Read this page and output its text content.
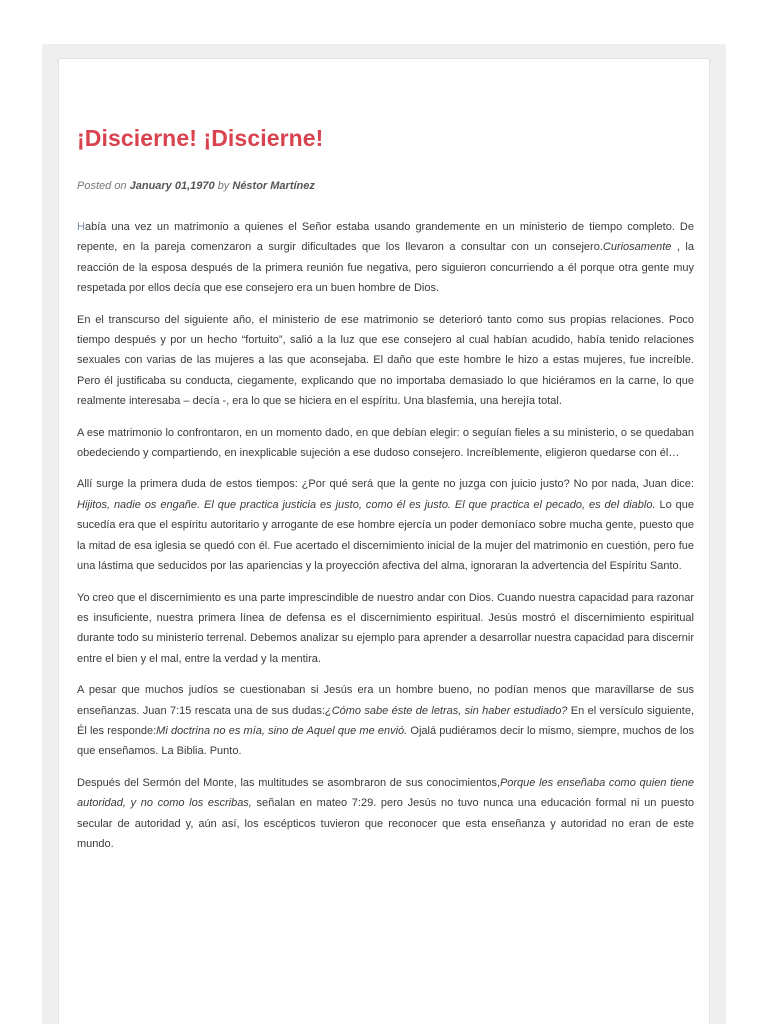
¡Discierne! ¡Discierne!
Posted on January 01,1970 by Néstor Martínez

Había una vez un matrimonio a quienes el Señor estaba usando grandemente en un ministerio de tiempo completo. De repente, en la pareja comenzaron a surgir dificultades que los llevaron a consultar con un consejero.Curiosamente , la reacción de la esposa después de la primera reunión fue negativa, pero siguieron concurriendo a él porque otra gente muy respetada por ellos decía que ese consejero era un buen hombre de Dios.

En el transcurso del siguiente año, el ministerio de ese matrimonio se deterioró tanto como sus propias relaciones. Poco tiempo después y por un hecho “fortuito”, salió a la luz que ese consejero al cual habían acudido, había tenido relaciones sexuales con varias de las mujeres a las que aconsejaba. El daño que este hombre le hizo a estas mujeres, fue increíble. Pero él justificaba su conducta, ciegamente, explicando que no importaba demasiado lo que hiciéramos en la carne, lo que realmente interesaba – decía -, era lo que se hiciera en el espíritu. Una blasfemia, una herejía total.

A ese matrimonio lo confrontaron, en un momento dado, en que debían elegir: o seguían fieles a su ministerio, o se quedaban obedeciendo y compartiendo, en inexplicable sujeción a ese dudoso consejero. Increíblemente, eligieron quedarse con él…

Allí surge la primera duda de estos tiempos: ¿Por qué será que la gente no juzga con juicio justo? No por nada, Juan dice: Hijitos, nadie os engañe. El que practica justicia es justo, como él es justo. El que practica el pecado, es del diablo. Lo que sucedía era que el espíritu autoritario y arrogante de ese hombre ejercía un poder demoníaco sobre mucha gente, puesto que la mitad de esa iglesia se quedó con él. Fue acertado el discernimiento inicial de la mujer del matrimonio en cuestión, pero fue una lástima que seducidos por las apariencias y la proyección afectiva del alma, ignoraran la advertencia del Espíritu Santo.

Yo creo que el discernimiento es una parte imprescindible de nuestro andar con Dios. Cuando nuestra capacidad para razonar es insuficiente, nuestra primera línea de defensa es el discernimiento espiritual. Jesús mostró el discernimiento espiritual durante todo su ministerio terrenal. Debemos analizar su ejemplo para aprender a desarrollar nuestra capacidad para discernir entre el bien y el mal, entre la verdad y la mentira.

A pesar que muchos judíos se cuestionaban si Jesús era un hombre bueno, no podían menos que maravillarse de sus enseñanzas. Juan 7:15 rescata una de sus dudas:¿Cómo sabe éste de letras, sin haber estudiado? En el versículo siguiente, Él les responde:Mi doctrina no es mía, sino de Aquel que me envió. Ojalá pudiéramos decir lo mismo, siempre, muchos de los que enseñamos. La Biblia. Punto.

Después del Sermón del Monte, las multitudes se asombraron de sus conocimientos,Porque les enseñaba como quien tiene autoridad, y no como los escribas, señalan en mateo 7:29. pero Jesús no tuvo nunca una educación formal ni un puesto secular de autoridad y, aún así, los escépticos tuvieron que reconocer que esta enseñanza y autoridad no eran de este mundo.
